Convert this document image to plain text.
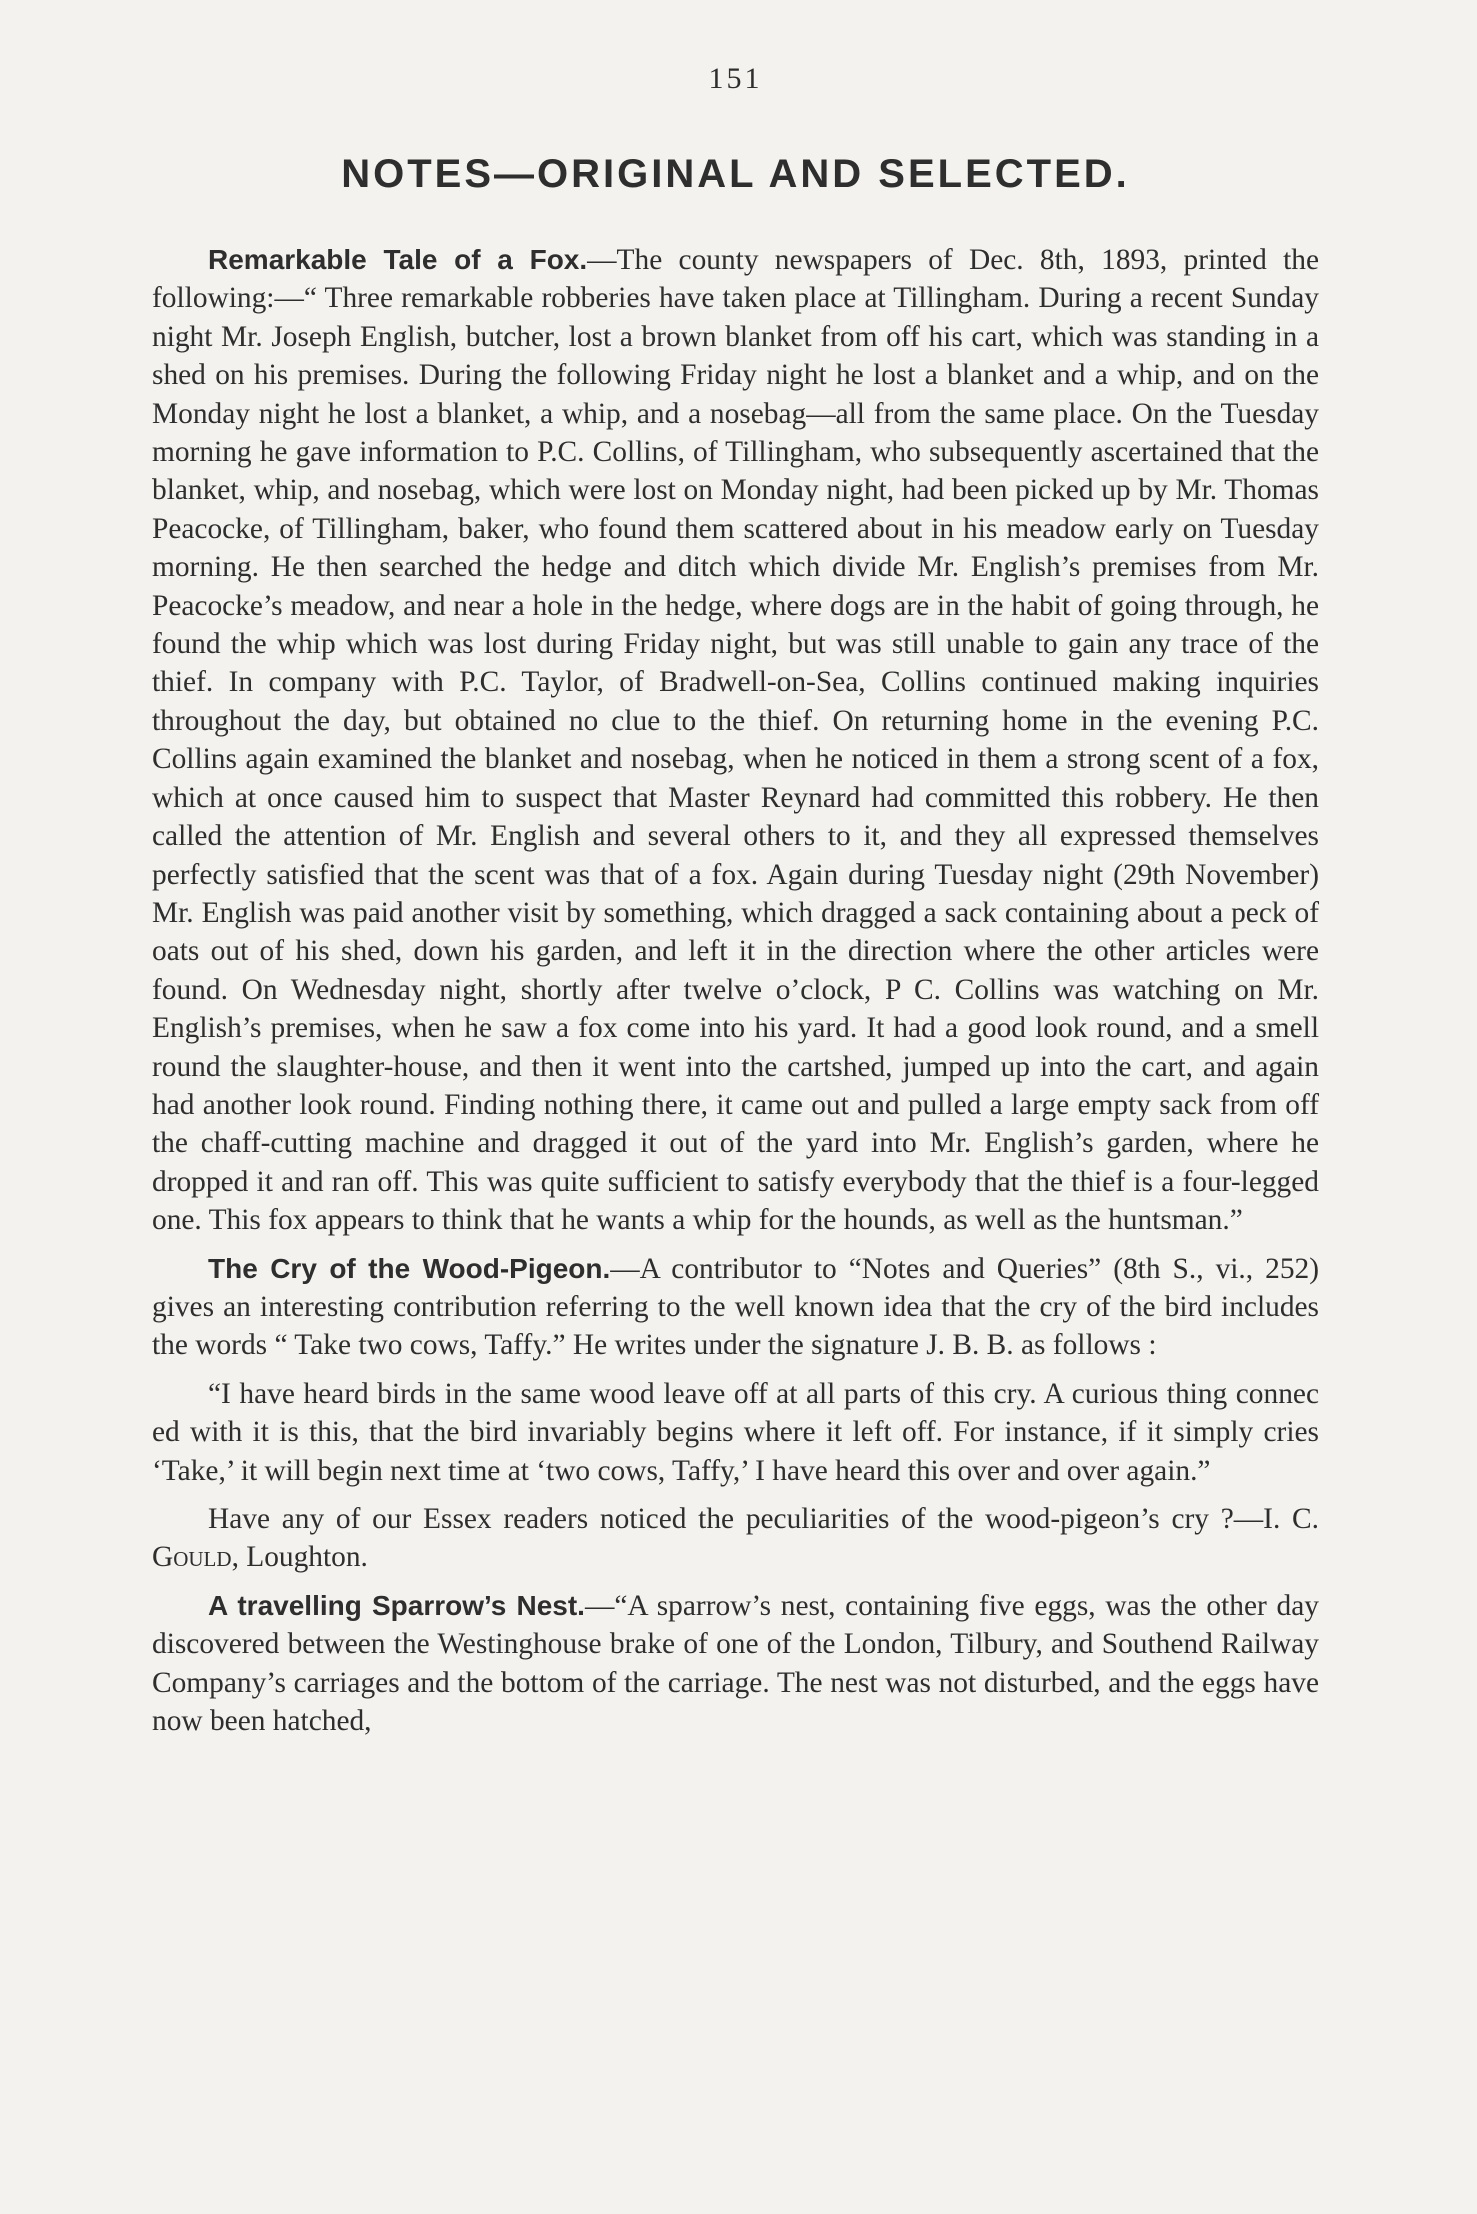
151
NOTES—ORIGINAL AND SELECTED.

Remarkable Tale of a Fox.—The county newspapers of Dec. 8th, 1893, printed the following:—“ Three remarkable robberies have taken place at Tillingham. During a recent Sunday night Mr. Joseph English, butcher, lost a brown blanket from off his cart, which was standing in a shed on his premises. During the following Friday night he lost a blanket and a whip, and on the Monday night he lost a blanket, a whip, and a nosebag—all from the same place. On the Tuesday morning he gave information to P.C. Collins, of Tillingham, who subsequently ascertained that the blanket, whip, and nosebag, which were lost on Monday night, had been picked up by Mr. Thomas Peacocke, of Tillingham, baker, who found them scattered about in his meadow early on Tuesday morning. He then searched the hedge and ditch which divide Mr. English’s premises from Mr. Peacocke’s meadow, and near a hole in the hedge, where dogs are in the habit of going through, he found the whip which was lost during Friday night, but was still unable to gain any trace of the thief. In company with P.C. Taylor, of Bradwell-on-Sea, Collins continued making inquiries throughout the day, but obtained no clue to the thief. On returning home in the evening P.C. Collins again examined the blanket and nosebag, when he noticed in them a strong scent of a fox, which at once caused him to suspect that Master Reynard had committed this robbery. He then called the attention of Mr. English and several others to it, and they all expressed themselves perfectly satisfied that the scent was that of a fox. Again during Tuesday night (29th November) Mr. English was paid another visit by something, which dragged a sack containing about a peck of oats out of his shed, down his garden, and left it in the direction where the other articles were found. On Wednesday night, shortly after twelve o’clock, P C. Collins was watching on Mr. English’s premises, when he saw a fox come into his yard. It had a good look round, and a smell round the slaughter-house, and then it went into the cartshed, jumped up into the cart, and again had another look round. Finding nothing there, it came out and pulled a large empty sack from off the chaff-cutting machine and dragged it out of the yard into Mr. English’s garden, where he dropped it and ran off. This was quite sufficient to satisfy everybody that the thief is a four-legged one. This fox appears to think that he wants a whip for the hounds, as well as the huntsman.”

The Cry of the Wood-Pigeon.—A contributor to “Notes and Queries” (8th S., vi., 252) gives an interesting contribution referring to the well known idea that the cry of the bird includes the words “ Take two cows, Taffy.” He writes under the signature J. B. B. as follows :

“I have heard birds in the same wood leave off at all parts of this cry. A curious thing connec ed with it is this, that the bird invariably begins where it left off. For instance, if it simply cries ‘Take,’ it will begin next time at ‘two cows, Taffy,’ I have heard this over and over again.”

Have any of our Essex readers noticed the peculiarities of the wood-pigeon’s cry ?—I. C. Gould, Loughton.

A travelling Sparrow’s Nest.—“A sparrow’s nest, containing five eggs, was the other day discovered between the Westinghouse brake of one of the London, Tilbury, and Southend Railway Company’s carriages and the bottom of the carriage. The nest was not disturbed, and the eggs have now been hatched,
